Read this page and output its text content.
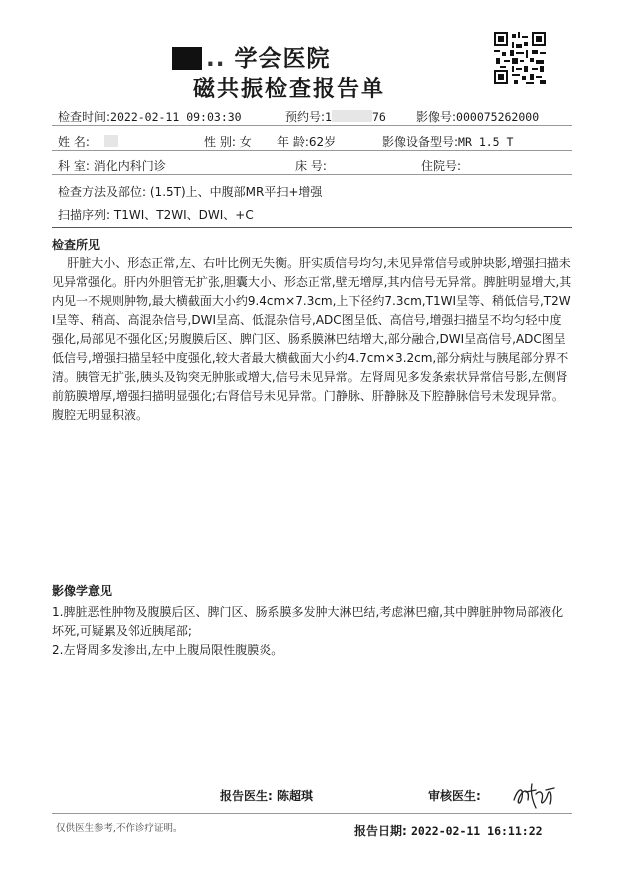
.. 学会医院
磁共振检查报告单
检查时间:2022-02-11 09:03:30	预约号:1	76	影像号:000075262000
姓 名:	性 别: 女 年 龄:62岁	影像设备型号:MR 1.5 T
科 室: 消化内科门诊	床 号:	住院号:
检查方法及部位: (1.5T)上、中腹部MR平扫+增强
扫描序列: T1WI、T2WI、DWI、+C
检查所见
肝脏大小、形态正常,左、右叶比例无失衡。肝实质信号均匀,未见异常信号或肿块影,增强扫描未见异常强化。肝内外胆管无扩张,胆囊大小、形态正常,壁无增厚,其内信号无异常。脾脏明显增大,其内见一不规则肿物,最大横截面大小约9.4cm×7.3cm,上下径约7.3cm,T1WI呈等、稍低信号,T2WI呈等、稍高、高混杂信号,DWI呈高、低混杂信号,ADC图呈低、高信号,增强扫描呈不均匀轻中度强化,局部见不强化区;另腹膜后区、脾门区、肠系膜淋巴结增大,部分融合,DWI呈高信号,ADC图呈低信号,增强扫描呈轻中度强化,较大者最大横截面大小约4.7cm×3.2cm,部分病灶与胰尾部分界不清。胰管无扩张,胰头及钩突无肿胀或增大,信号未见异常。左肾周见多发条索状异常信号影,左侧肾前筋膜增厚,增强扫描明显强化;右肾信号未见异常。门静脉、肝静脉及下腔静脉信号未发现异常。腹腔无明显积液。
影像学意见
1.脾脏恶性肿物及腹膜后区、脾门区、肠系膜多发肿大淋巴结,考虑淋巴瘤,其中脾脏肿物局部液化坏死,可疑累及邻近胰尾部;
2.左肾周多发渗出,左中上腹局限性腹膜炎。
报告医生: 陈超琪	审核医生:
仅供医生参考,不作诊疗证明。	报告日期: 2022-02-11 16:11:22
